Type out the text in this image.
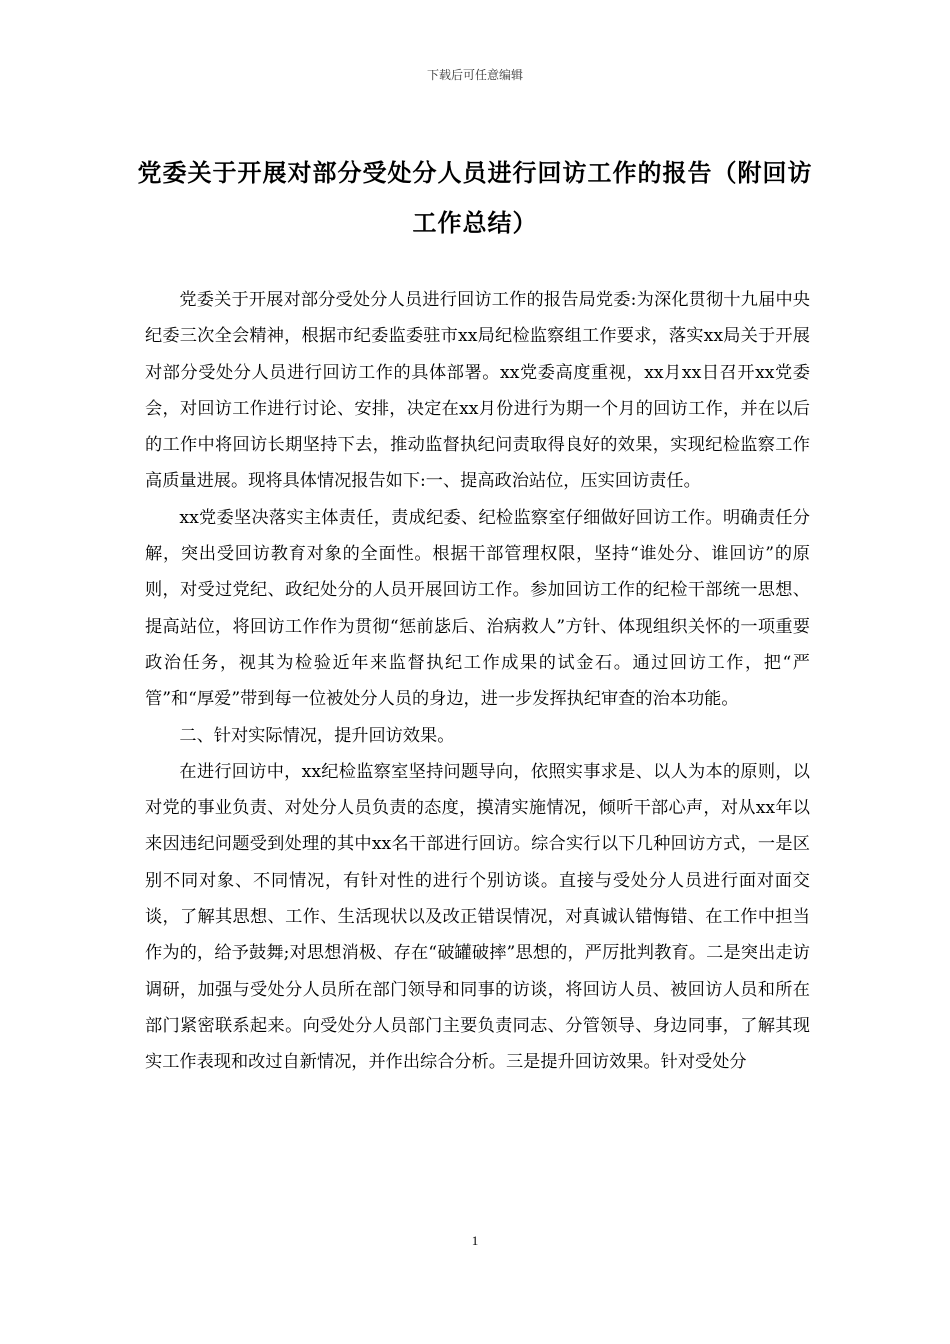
下载后可任意编辑
党委关于开展对部分受处分人员进行回访工作的报告（附回访工作总结）

党委关于开展对部分受处分人员进行回访工作的报告局党委:为深化贯彻十九届中央纪委三次全会精神，根据市纪委监委驻市xx局纪检监察组工作要求，落实xx局关于开展对部分受处分人员进行回访工作的具体部署。xx党委高度重视，xx月xx日召开xx党委会，对回访工作进行讨论、安排，决定在xx月份进行为期一个月的回访工作，并在以后的工作中将回访长期坚持下去，推动监督执纪问责取得良好的效果，实现纪检监察工作高质量进展。现将具体情况报告如下:一、提高政治站位，压实回访责任。

xx党委坚决落实主体责任，责成纪委、纪检监察室仔细做好回访工作。明确责任分解，突出受回访教育对象的全面性。根据干部管理权限，坚持“谁处分、谁回访”的原则，对受过党纪、政纪处分的人员开展回访工作。参加回访工作的纪检干部统一思想、提高站位，将回访工作作为贯彻“惩前毖后、治病救人”方针、体现组织关怀的一项重要政治任务，视其为检验近年来监督执纪工作成果的试金石。通过回访工作，把“严管”和“厚爱”带到每一位被处分人员的身边，进一步发挥执纪审查的治本功能。

二、针对实际情况，提升回访效果。

在进行回访中，xx纪检监察室坚持问题导向，依照实事求是、以人为本的原则，以对党的事业负责、对处分人员负责的态度，摸清实施情况，倾听干部心声，对从xx年以来因违纪问题受到处理的其中xx名干部进行回访。综合实行以下几种回访方式，一是区别不同对象、不同情况，有针对性的进行个别访谈。直接与受处分人员进行面对面交谈，了解其思想、工作、生活现状以及改正错误情况，对真诚认错悔错、在工作中担当作为的，给予鼓舞;对思想消极、存在“破罐破摔”思想的，严厉批判教育。二是突出走访调研，加强与受处分人员所在部门领导和同事的访谈，将回访人员、被回访人员和所在部门紧密联系起来。向受处分人员部门主要负责同志、分管领导、身边同事，了解其现实工作表现和改过自新情况，并作出综合分析。三是提升回访效果。针对受处分

1
